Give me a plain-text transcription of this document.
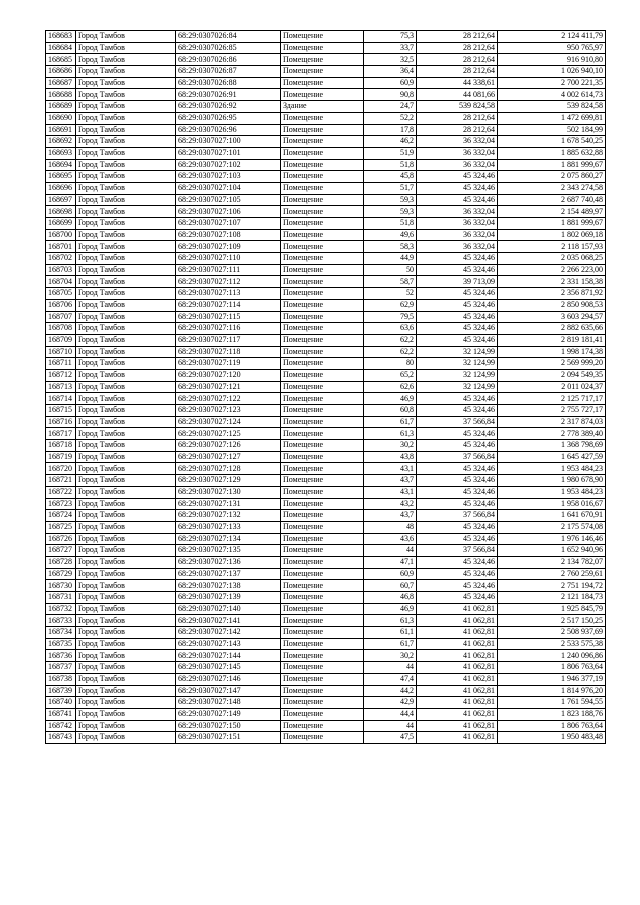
168683	Город Тамбов	68:29:0307026:84	Помещение	75,3	28 212,64	2 124 411,79
168684	Город Тамбов	68:29:0307026:85	Помещение	33,7	28 212,64	950 765,97
168685	Город Тамбов	68:29:0307026:86	Помещение	32,5	28 212,64	916 910,80
168686	Город Тамбов	68:29:0307026:87	Помещение	36,4	28 212,64	1 026 940,10
168687	Город Тамбов	68:29:0307026:88	Помещение	60,9	44 338,61	2 700 221,35
168688	Город Тамбов	68:29:0307026:91	Помещение	90,8	44 081,66	4 002 614,73
168689	Город Тамбов	68:29:0307026:92	Здание	24,7	539 824,58	539 824,58
168690	Город Тамбов	68:29:0307026:95	Помещение	52,2	28 212,64	1 472 699,81
168691	Город Тамбов	68:29:0307026:96	Помещение	17,8	28 212,64	502 184,99
168692	Город Тамбов	68:29:0307027:100	Помещение	46,2	36 332,04	1 678 540,25
168693	Город Тамбов	68:29:0307027:101	Помещение	51,9	36 332,04	1 885 632,88
168694	Город Тамбов	68:29:0307027:102	Помещение	51,8	36 332,04	1 881 999,67
168695	Город Тамбов	68:29:0307027:103	Помещение	45,8	45 324,46	2 075 860,27
168696	Город Тамбов	68:29:0307027:104	Помещение	51,7	45 324,46	2 343 274,58
168697	Город Тамбов	68:29:0307027:105	Помещение	59,3	45 324,46	2 687 740,48
168698	Город Тамбов	68:29:0307027:106	Помещение	59,3	36 332,04	2 154 489,97
168699	Город Тамбов	68:29:0307027:107	Помещение	51,8	36 332,04	1 881 999,67
168700	Город Тамбов	68:29:0307027:108	Помещение	49,6	36 332,04	1 802 069,18
168701	Город Тамбов	68:29:0307027:109	Помещение	58,3	36 332,04	2 118 157,93
168702	Город Тамбов	68:29:0307027:110	Помещение	44,9	45 324,46	2 035 068,25
168703	Город Тамбов	68:29:0307027:111	Помещение	50	45 324,46	2 266 223,00
168704	Город Тамбов	68:29:0307027:112	Помещение	58,7	39 713,09	2 331 158,38
168705	Город Тамбов	68:29:0307027:113	Помещение	52	45 324,46	2 356 871,92
168706	Город Тамбов	68:29:0307027:114	Помещение	62,9	45 324,46	2 850 908,53
168707	Город Тамбов	68:29:0307027:115	Помещение	79,5	45 324,46	3 603 294,57
168708	Город Тамбов	68:29:0307027:116	Помещение	63,6	45 324,46	2 882 635,66
168709	Город Тамбов	68:29:0307027:117	Помещение	62,2	45 324,46	2 819 181,41
168710	Город Тамбов	68:29:0307027:118	Помещение	62,2	32 124,99	1 998 174,38
168711	Город Тамбов	68:29:0307027:119	Помещение	80	32 124,99	2 569 999,20
168712	Город Тамбов	68:29:0307027:120	Помещение	65,2	32 124,99	2 094 549,35
168713	Город Тамбов	68:29:0307027:121	Помещение	62,6	32 124,99	2 011 024,37
168714	Город Тамбов	68:29:0307027:122	Помещение	46,9	45 324,46	2 125 717,17
168715	Город Тамбов	68:29:0307027:123	Помещение	60,8	45 324,46	2 755 727,17
168716	Город Тамбов	68:29:0307027:124	Помещение	61,7	37 566,84	2 317 874,03
168717	Город Тамбов	68:29:0307027:125	Помещение	61,3	45 324,46	2 778 389,40
168718	Город Тамбов	68:29:0307027:126	Помещение	30,2	45 324,46	1 368 798,69
168719	Город Тамбов	68:29:0307027:127	Помещение	43,8	37 566,84	1 645 427,59
168720	Город Тамбов	68:29:0307027:128	Помещение	43,1	45 324,46	1 953 484,23
168721	Город Тамбов	68:29:0307027:129	Помещение	43,7	45 324,46	1 980 678,90
168722	Город Тамбов	68:29:0307027:130	Помещение	43,1	45 324,46	1 953 484,23
168723	Город Тамбов	68:29:0307027:131	Помещение	43,2	45 324,46	1 958 016,67
168724	Город Тамбов	68:29:0307027:132	Помещение	43,7	37 566,84	1 641 670,91
168725	Город Тамбов	68:29:0307027:133	Помещение	48	45 324,46	2 175 574,08
168726	Город Тамбов	68:29:0307027:134	Помещение	43,6	45 324,46	1 976 146,46
168727	Город Тамбов	68:29:0307027:135	Помещение	44	37 566,84	1 652 940,96
168728	Город Тамбов	68:29:0307027:136	Помещение	47,1	45 324,46	2 134 782,07
168729	Город Тамбов	68:29:0307027:137	Помещение	60,9	45 324,46	2 760 259,61
168730	Город Тамбов	68:29:0307027:138	Помещение	60,7	45 324,46	2 751 194,72
168731	Город Тамбов	68:29:0307027:139	Помещение	46,8	45 324,46	2 121 184,73
168732	Город Тамбов	68:29:0307027:140	Помещение	46,9	41 062,81	1 925 845,79
168733	Город Тамбов	68:29:0307027:141	Помещение	61,3	41 062,81	2 517 150,25
168734	Город Тамбов	68:29:0307027:142	Помещение	61,1	41 062,81	2 508 937,69
168735	Город Тамбов	68:29:0307027:143	Помещение	61,7	41 062,81	2 533 575,38
168736	Город Тамбов	68:29:0307027:144	Помещение	30,2	41 062,81	1 240 096,86
168737	Город Тамбов	68:29:0307027:145	Помещение	44	41 062,81	1 806 763,64
168738	Город Тамбов	68:29:0307027:146	Помещение	47,4	41 062,81	1 946 377,19
168739	Город Тамбов	68:29:0307027:147	Помещение	44,2	41 062,81	1 814 976,20
168740	Город Тамбов	68:29:0307027:148	Помещение	42,9	41 062,81	1 761 594,55
168741	Город Тамбов	68:29:0307027:149	Помещение	44,4	41 062,81	1 823 188,76
168742	Город Тамбов	68:29:0307027:150	Помещение	44	41 062,81	1 806 763,64
168743	Город Тамбов	68:29:0307027:151	Помещение	47,5	41 062,81	1 950 483,48
